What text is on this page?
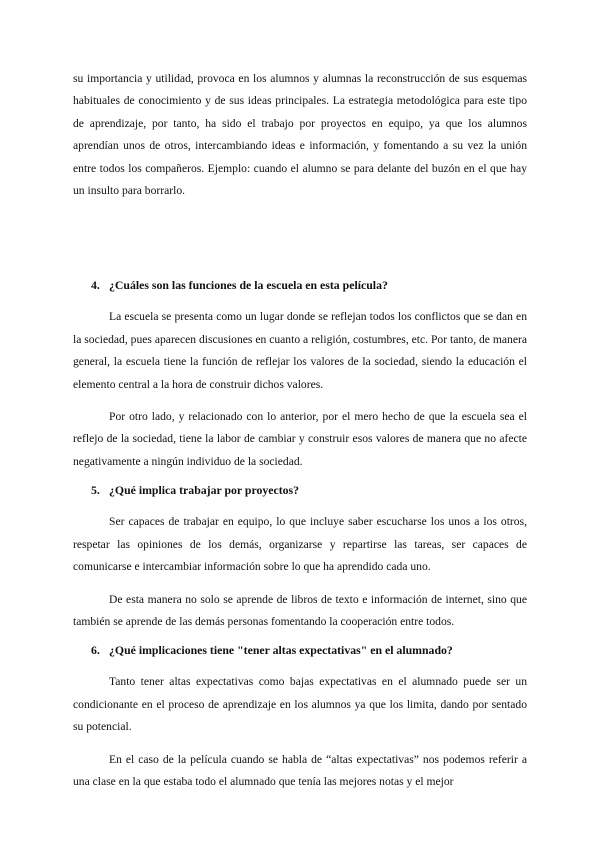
su importancia y utilidad, provoca en los alumnos y alumnas la reconstrucción de sus esquemas habituales de conocimiento y de sus ideas principales. La estrategia metodológica para este tipo de aprendizaje, por tanto, ha sido el trabajo por proyectos en equipo, ya que los alumnos aprendían unos de otros, intercambiando ideas e información, y fomentando a su vez la unión entre todos los compañeros. Ejemplo: cuando el alumno se para delante del buzón en el que hay un insulto para borrarlo.

4. ¿Cuáles son las funciones de la escuela en esta película?

La escuela se presenta como un lugar donde se reflejan todos los conflictos que se dan en la sociedad, pues aparecen discusiones en cuanto a religión, costumbres, etc. Por tanto, de manera general, la escuela tiene la función de reflejar los valores de la sociedad, siendo la educación el elemento central a la hora de construir dichos valores.

Por otro lado, y relacionado con lo anterior, por el mero hecho de que la escuela sea el reflejo de la sociedad, tiene la labor de cambiar y construir esos valores de manera que no afecte negativamente a ningún individuo de la sociedad.

5. ¿Qué implica trabajar por proyectos?

Ser capaces de trabajar en equipo, lo que incluye saber escucharse los unos a los otros, respetar las opiniones de los demás, organizarse y repartirse las tareas, ser capaces de comunicarse e intercambiar información sobre lo que ha aprendido cada uno.

De esta manera no solo se aprende de libros de texto e información de internet, sino que también se aprende de las demás personas fomentando la cooperación entre todos.

6. ¿Qué implicaciones tiene "tener altas expectativas" en el alumnado?

Tanto tener altas expectativas como bajas expectativas en el alumnado puede ser un condicionante en el proceso de aprendizaje en los alumnos ya que los limita, dando por sentado su potencial.

En el caso de la película cuando se habla de “altas expectativas” nos podemos referir a una clase en la que estaba todo el alumnado que tenía las mejores notas y el mejor
